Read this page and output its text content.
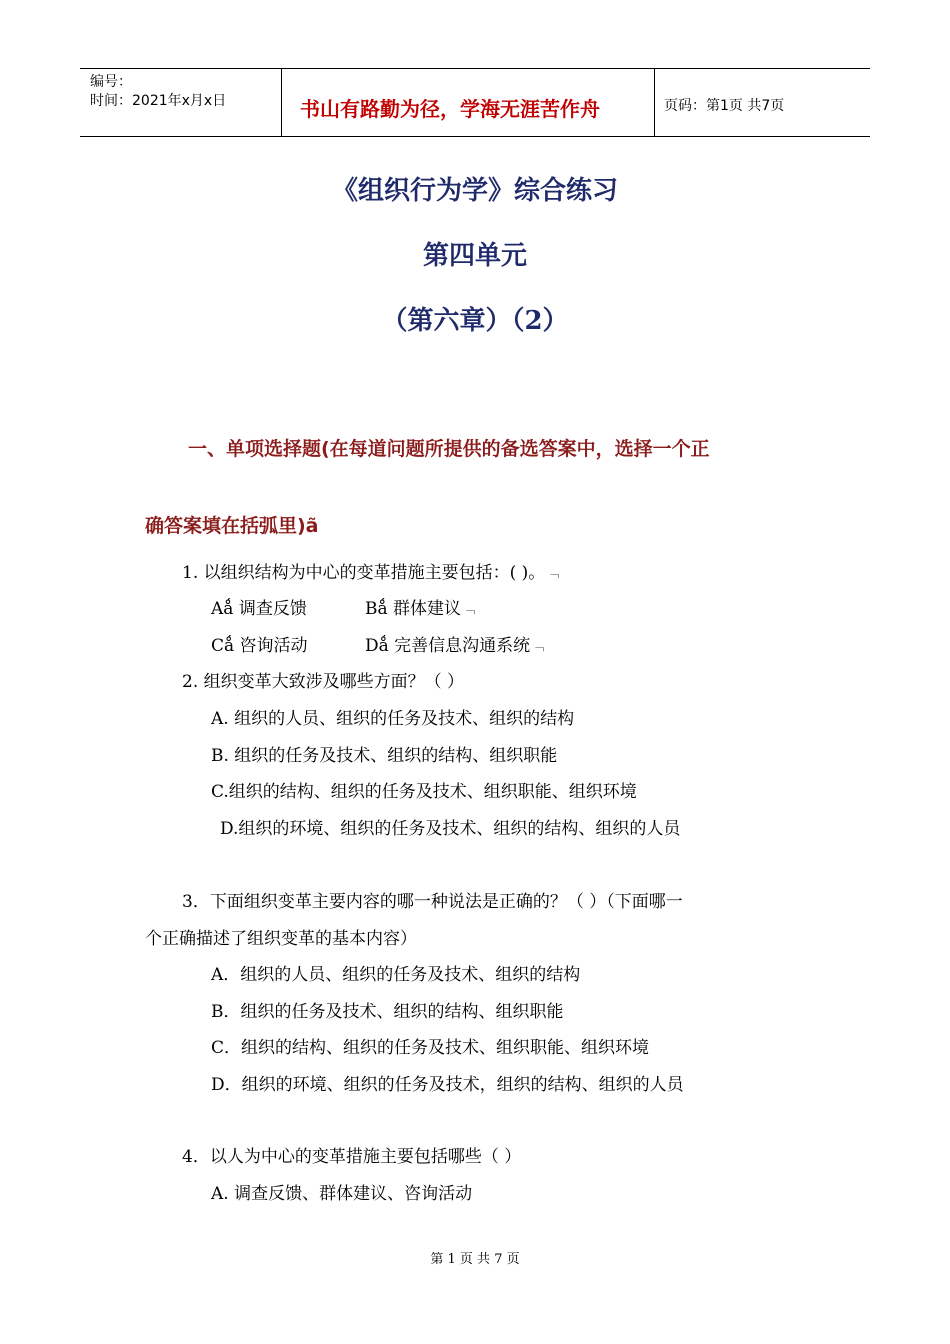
编号：
时间：2021年x月x日	书山有路勤为径，学海无涯苦作舟	页码：第1页 共7页
《组织行为学》综合练习
第四单元
（第六章）（2）
一、单项选择题(在每道问题所提供的备选答案中，选择一个正
确答案填在括弧里)ã
1. 以组织结构为中心的变革措施主要包括：( )。 ﹁
Aǻ 调查反馈	Bǻ 群体建议 ﹁
Cǻ 咨询活动	Dǻ 完善信息沟通系统 ﹁
2. 组织变革大致涉及哪些方面？（ ）
A. 组织的人员、组织的任务及技术、组织的结构
B. 组织的任务及技术、组织的结构、组织职能
C.组织的结构、组织的任务及技术、组织职能、组织环境
D.组织的环境、组织的任务及技术、组织的结构、组织的人员
3．下面组织变革主要内容的哪一种说法是正确的？（ ）（下面哪一
个正确描述了组织变革的基本内容）
A．组织的人员、组织的任务及技术、组织的结构
B．组织的任务及技术、组织的结构、组织职能
C．组织的结构、组织的任务及技术、组织职能、组织环境
D．组织的环境、组织的任务及技术，组织的结构、组织的人员
4．以人为中心的变革措施主要包括哪些（ ）
A. 调查反馈、群体建议、咨询活动
第 1 页 共 7 页
